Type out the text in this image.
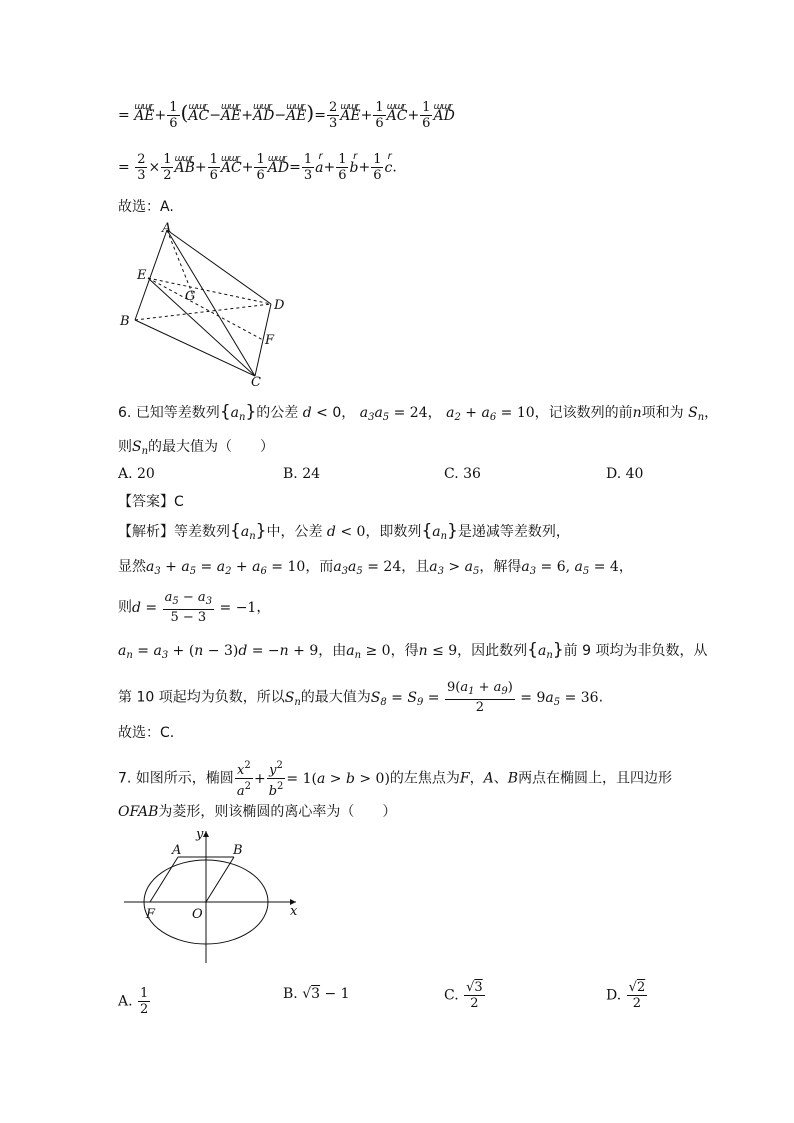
= ɯɯɽ $AE+ \frac{1}{6}$ (ɯɯɽ AC−ɯɯɽ AE+ɯɯɽ AD−ɯɯɽ $AE)= \frac{2}{3}$ ɯɯɽ $AE+ \frac{1}{6}$ ɯɯɽ $AC+ \frac{1}{6}$ ɯɯɽ AD
= $\frac{2}{3} \times \frac{1}{2}$ ɯɯɽ $AB+ \frac{1}{6}$ ɯɯɽ $AC+ \frac{1}{6}$ ɯɯɽ $AD= \frac{1}{3}$ r $a+ \frac{1}{6}$ r $b+ \frac{1}{6}$ r c.
故选：A.
A
E
G
D
B
F
C
6. 已知等差数列$\{a_n\}$的公差 d < 0， $a_3a_5 = 24$， $a_2 + a_6 = 10$，记该数列的前n项和为 $S_n$，
则$S_n$的最大值为（　　）
A. 20	B. 24	C. 36	D. 40
【答案】C
【解析】等差数列$\{a_n\}$中，公差 d < 0，即数列$\{a_n\}$是递减等差数列，
显然$a_3 + a_5 = a_2 + a_6 = 10$，而$a_3a_5 = 24$，且$a_3 > a_5$，解得$a_3 = 6$, $a_5 = 4$，
则$d = \frac{a_5 - a_3}{5 - 3} = -1$，
$a_n = a_3 + (n - 3)d = -n + 9$，由$a_n \ge 0$，得n ≤ 9，因此数列$\{a_n\}$前 9 项均为非负数，从
第 10 项起均为负数，所以$S_n$的最大值为$S_8 = S_9 = \frac{9(a_1 + a_9)}{2} = 9a_5 = 36$.
故选：C.
7. 如图所示，椭圆 $\frac{x^2}{a^2} + \frac{y^2}{b^2} = 1(a > b > 0)$的左焦点为F，A、B两点在椭圆上，且四边形
OFAB为菱形，则该椭圆的离心率为（　　）
y
A	B
F	O	x
A. $\frac{1}{2}$	B. √3 − 1	C. $\frac{√3}{2}$	D. $\frac{√2}{2}$
